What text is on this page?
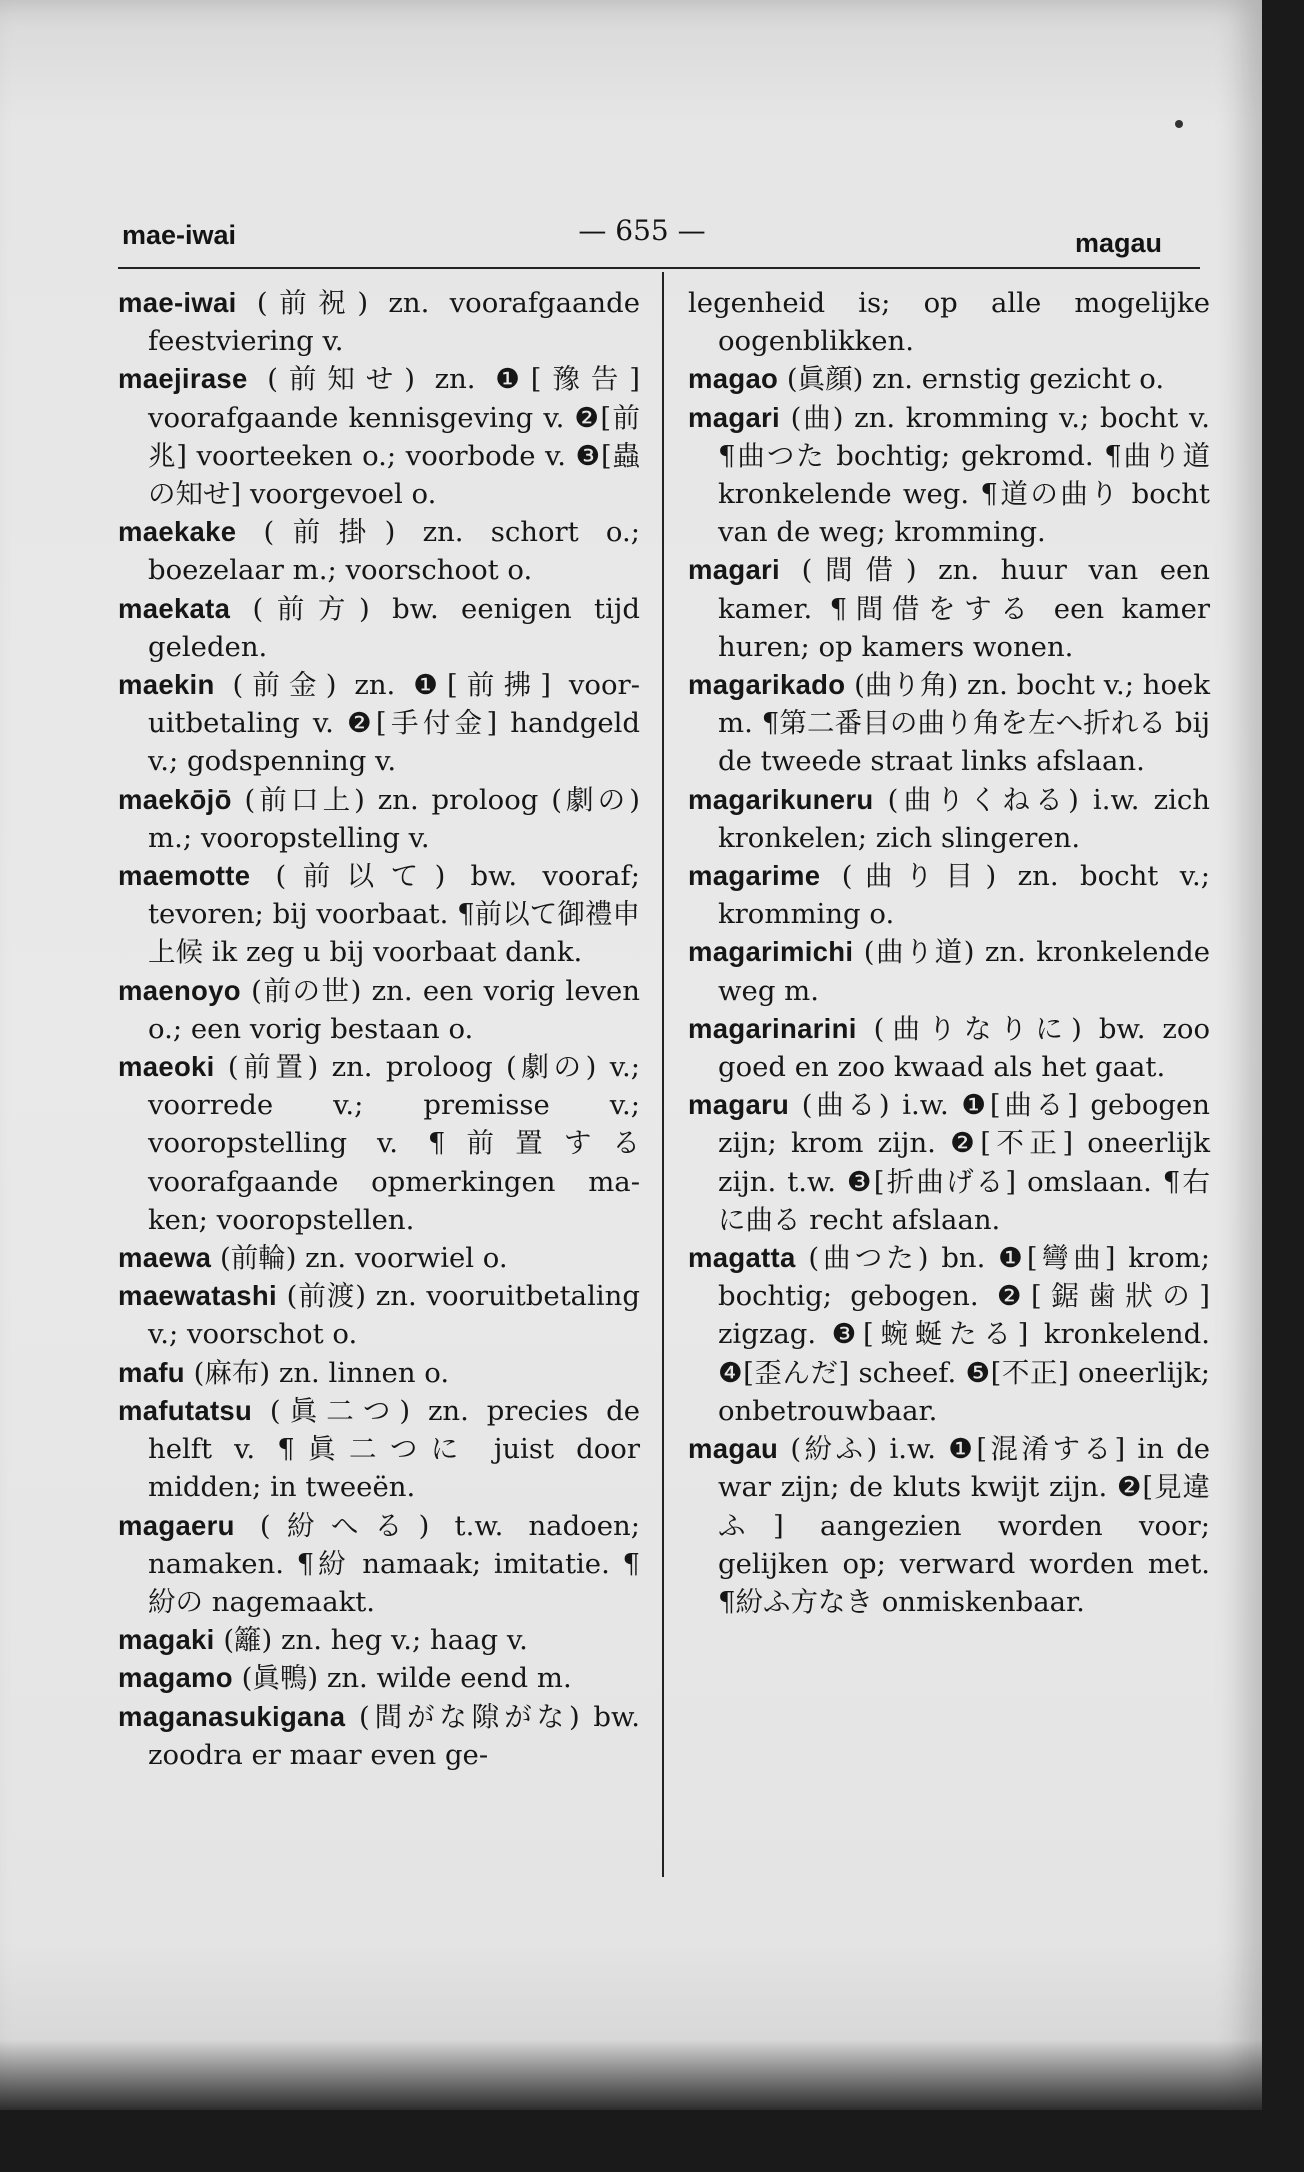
mae-iwai	— 655 —	magau

mae-iwai (前祝) zn. voorafgaande feestviering v.

maejirase (前知せ) zn. ❶[豫告] voorafgaande kennisgeving v. ❷[前兆] voorteeken o.; voorbode v. ❸[蟲の知せ] voorgevoel o.

maekake (前掛) zn. schort o.; boezelaar m.; voorschoot o.

maekata (前方) bw. eenigen tijd geleden.

maekin (前金) zn. ❶[前拂] vooruitbetaling v. ❷[手付金] handgeld v.; godspenning v.

maekōjō (前口上) zn. proloog (劇の) m.; vooropstelling v.

maemotte (前以て) bw. vooraf; tevoren; bij voorbaat. ¶前以て御禮申上候 ik zeg u bij voorbaat dank.

maenoyo (前の世) zn. een vorig leven o.; een vorig bestaan o.

maeoki (前置) zn. proloog (劇の) v.; voorrede v.; premisse v.; vooropstelling v. ¶前置する voorafgaande opmerkingen maken; vooropstellen.

maewa (前輪) zn. voorwiel o.

maewatashi (前渡) zn. vooruitbetaling v.; voorschot o.

mafu (麻布) zn. linnen o.

mafutatsu (眞二つ) zn. precies de helft v. ¶眞二つに juist door midden; in tweeën.

magaeru (紛へる) t.w. nadoen; namaken. ¶紛 namaak; imitatie. ¶紛の nagemaakt.

magaki (籬) zn. heg v.; haag v.

magamo (眞鴨) zn. wilde eend m.

maganasukigana (間がな隙がな) bw. zoodra er maar even ge-

legenheid is; op alle mogelijke oogenblikken.

magao (眞顔) zn. ernstig gezicht o.

magari (曲) zn. kromming v.; bocht v. ¶曲つた bochtig; gekromd. ¶曲り道 kronkelende weg. ¶道の曲り bocht van de weg; kromming.

magari (間借) zn. huur van een kamer. ¶間借をする een kamer huren; op kamers wonen.

magarikado (曲り角) zn. bocht v.; hoek m. ¶第二番目の曲り角を左へ折れる bij de tweede straat links afslaan.

magarikuneru (曲りくねる) i.w. zich kronkelen; zich slingeren.

magarime (曲り目) zn. bocht v.; kromming o.

magarimichi (曲り道) zn. kronkelende weg m.

magarinarini (曲りなりに) bw. zoo goed en zoo kwaad als het gaat.

magaru (曲る) i.w. ❶[曲る] gebogen zijn; krom zijn. ❷[不正] oneerlijk zijn. t.w. ❸[折曲げる] omslaan. ¶右に曲る recht afslaan.

magatta (曲つた) bn. ❶[彎曲] krom; bochtig; gebogen. ❷[鋸歯狀の] zigzag. ❸[蜿蜒たる] kronkelend. ❹[歪んだ] scheef. ❺[不正] oneerlijk; onbetrouwbaar.

magau (紛ふ) i.w. ❶[混淆する] in de war zijn; de kluts kwijt zijn. ❷[見違ふ] aangezien worden voor; gelijken op; verward worden met. ¶紛ふ方なき onmiskenbaar.
